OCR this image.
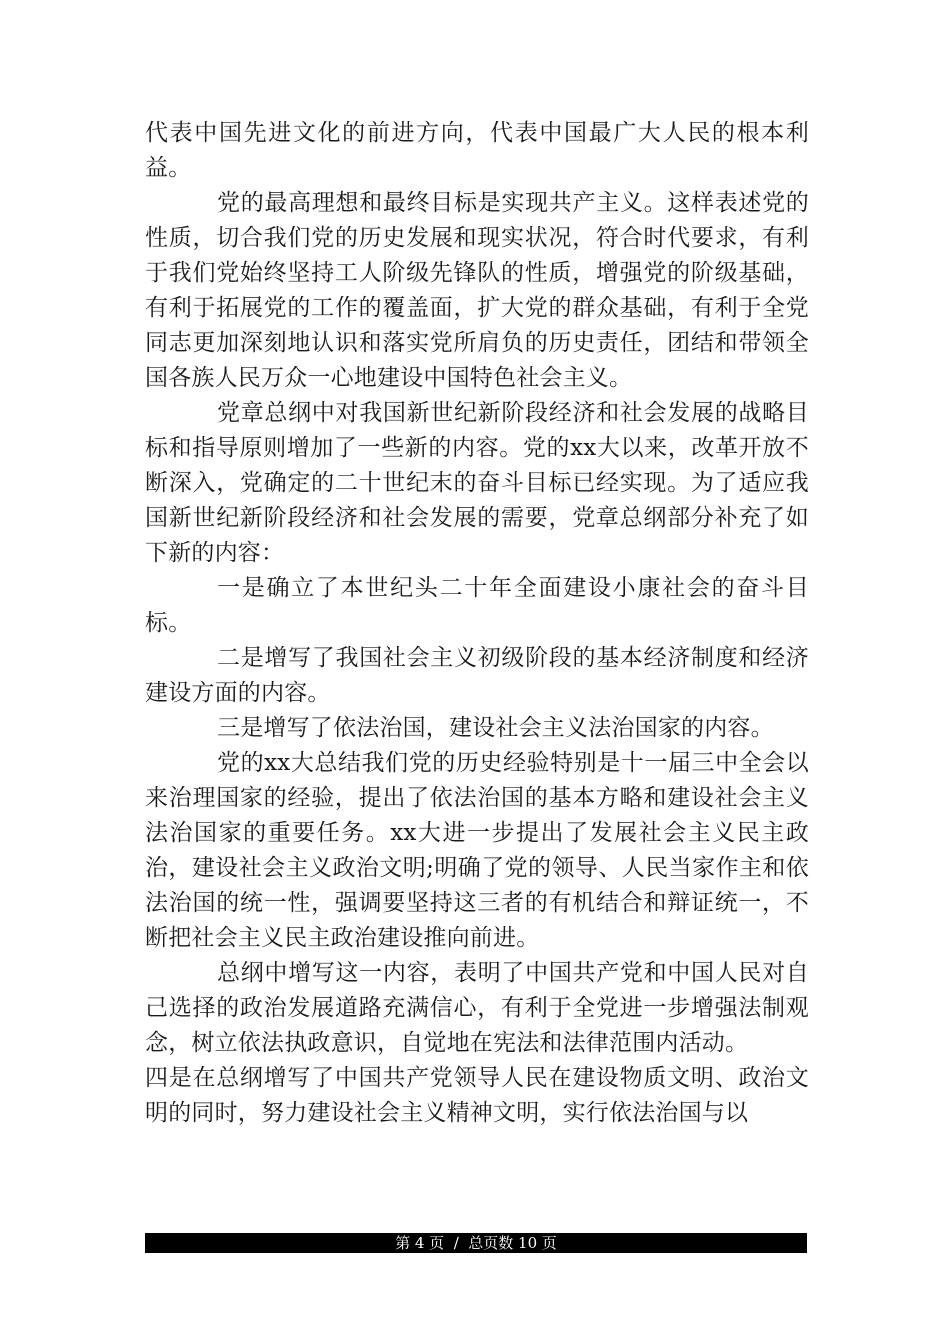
代表中国先进文化的前进方向，代表中国最广大人民的根本利益。

党的最高理想和最终目标是实现共产主义。这样表述党的性质，切合我们党的历史发展和现实状况，符合时代要求，有利于我们党始终坚持工人阶级先锋队的性质，增强党的阶级基础，有利于拓展党的工作的覆盖面，扩大党的群众基础，有利于全党同志更加深刻地认识和落实党所肩负的历史责任，团结和带领全国各族人民万众一心地建设中国特色社会主义。

党章总纲中对我国新世纪新阶段经济和社会发展的战略目标和指导原则增加了一些新的内容。党的xx大以来，改革开放不断深入，党确定的二十世纪末的奋斗目标已经实现。为了适应我国新世纪新阶段经济和社会发展的需要，党章总纲部分补充了如下新的内容：

一是确立了本世纪头二十年全面建设小康社会的奋斗目标。

二是增写了我国社会主义初级阶段的基本经济制度和经济建设方面的内容。

三是增写了依法治国，建设社会主义法治国家的内容。

党的xx大总结我们党的历史经验特别是十一届三中全会以来治理国家的经验，提出了依法治国的基本方略和建设社会主义法治国家的重要任务。xx大进一步提出了发展社会主义民主政治，建设社会主义政治文明;明确了党的领导、人民当家作主和依法治国的统一性，强调要坚持这三者的有机结合和辩证统一，不断把社会主义民主政治建设推向前进。

总纲中增写这一内容，表明了中国共产党和中国人民对自己选择的政治发展道路充满信心，有利于全党进一步增强法制观念，树立依法执政意识，自觉地在宪法和法律范围内活动。

四是在总纲增写了中国共产党领导人民在建设物质文明、政治文明的同时，努力建设社会主义精神文明，实行依法治国与以

第 4 页  /  总页数 10 页
